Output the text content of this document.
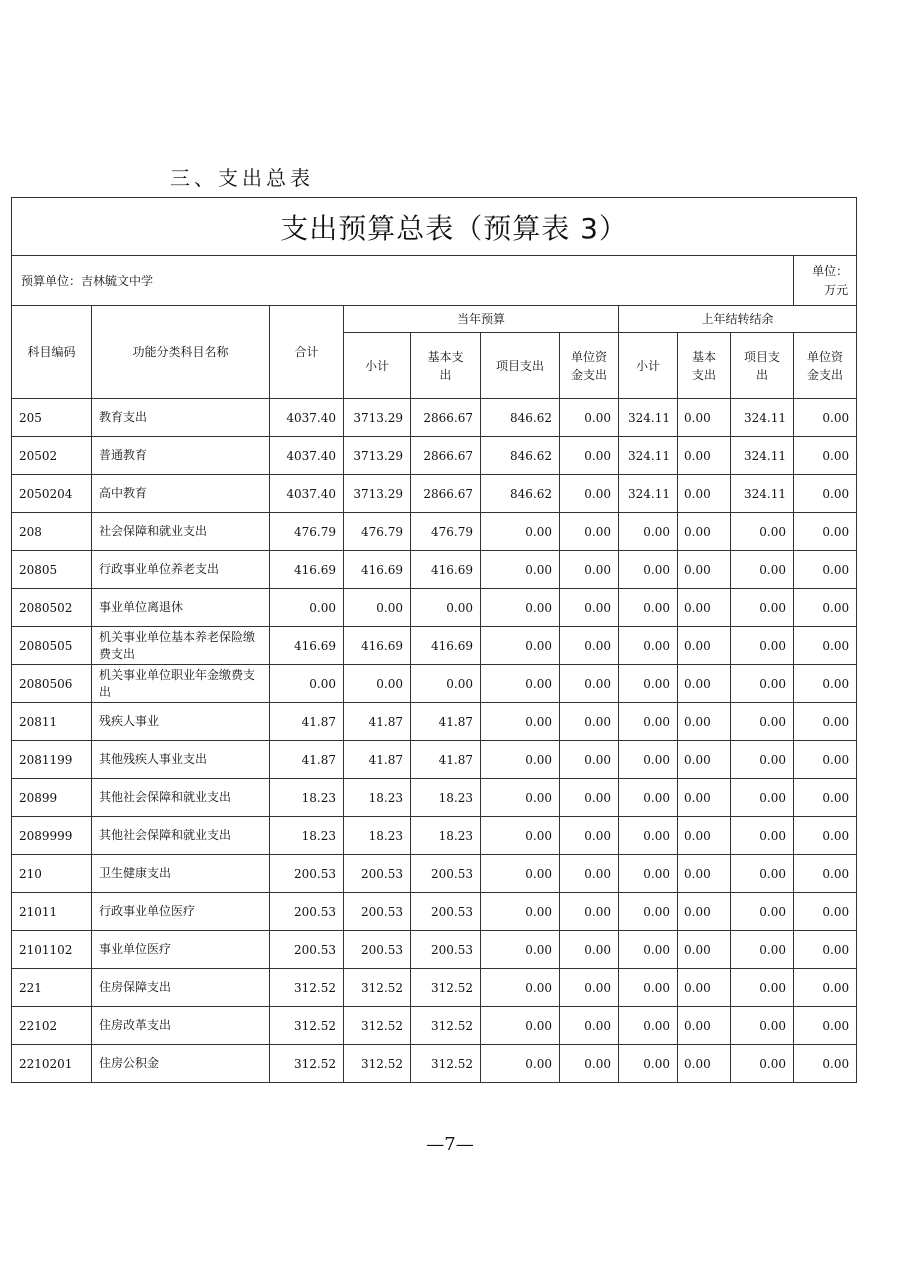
三、支出总表
支出预算总表（预算表 3）										
预算单位：吉林毓文中学										单位：
万元
科目编码	功能分类科目名称	合计	当年预算				上年结转结余			
			小计	基本支出	项目支出	单位资金支出	小计	基本支出	项目支出	单位资金支出
205	教育支出	4037.40	3713.29	2866.67	846.62	0.00	324.11	0.00	324.11	0.00
20502	普通教育	4037.40	3713.29	2866.67	846.62	0.00	324.11	0.00	324.11	0.00
2050204	高中教育	4037.40	3713.29	2866.67	846.62	0.00	324.11	0.00	324.11	0.00
208	社会保障和就业支出	476.79	476.79	476.79	0.00	0.00	0.00	0.00	0.00	0.00
20805	行政事业单位养老支出	416.69	416.69	416.69	0.00	0.00	0.00	0.00	0.00	0.00
2080502	事业单位离退休	0.00	0.00	0.00	0.00	0.00	0.00	0.00	0.00	0.00
2080505	机关事业单位基本养老保险缴费支出	416.69	416.69	416.69	0.00	0.00	0.00	0.00	0.00	0.00
2080506	机关事业单位职业年金缴费支出	0.00	0.00	0.00	0.00	0.00	0.00	0.00	0.00	0.00
20811	残疾人事业	41.87	41.87	41.87	0.00	0.00	0.00	0.00	0.00	0.00
2081199	其他残疾人事业支出	41.87	41.87	41.87	0.00	0.00	0.00	0.00	0.00	0.00
20899	其他社会保障和就业支出	18.23	18.23	18.23	0.00	0.00	0.00	0.00	0.00	0.00
2089999	其他社会保障和就业支出	18.23	18.23	18.23	0.00	0.00	0.00	0.00	0.00	0.00
210	卫生健康支出	200.53	200.53	200.53	0.00	0.00	0.00	0.00	0.00	0.00
21011	行政事业单位医疗	200.53	200.53	200.53	0.00	0.00	0.00	0.00	0.00	0.00
2101102	事业单位医疗	200.53	200.53	200.53	0.00	0.00	0.00	0.00	0.00	0.00
221	住房保障支出	312.52	312.52	312.52	0.00	0.00	0.00	0.00	0.00	0.00
22102	住房改革支出	312.52	312.52	312.52	0.00	0.00	0.00	0.00	0.00	0.00
2210201	住房公积金	312.52	312.52	312.52	0.00	0.00	0.00	0.00	0.00	0.00
—7—
